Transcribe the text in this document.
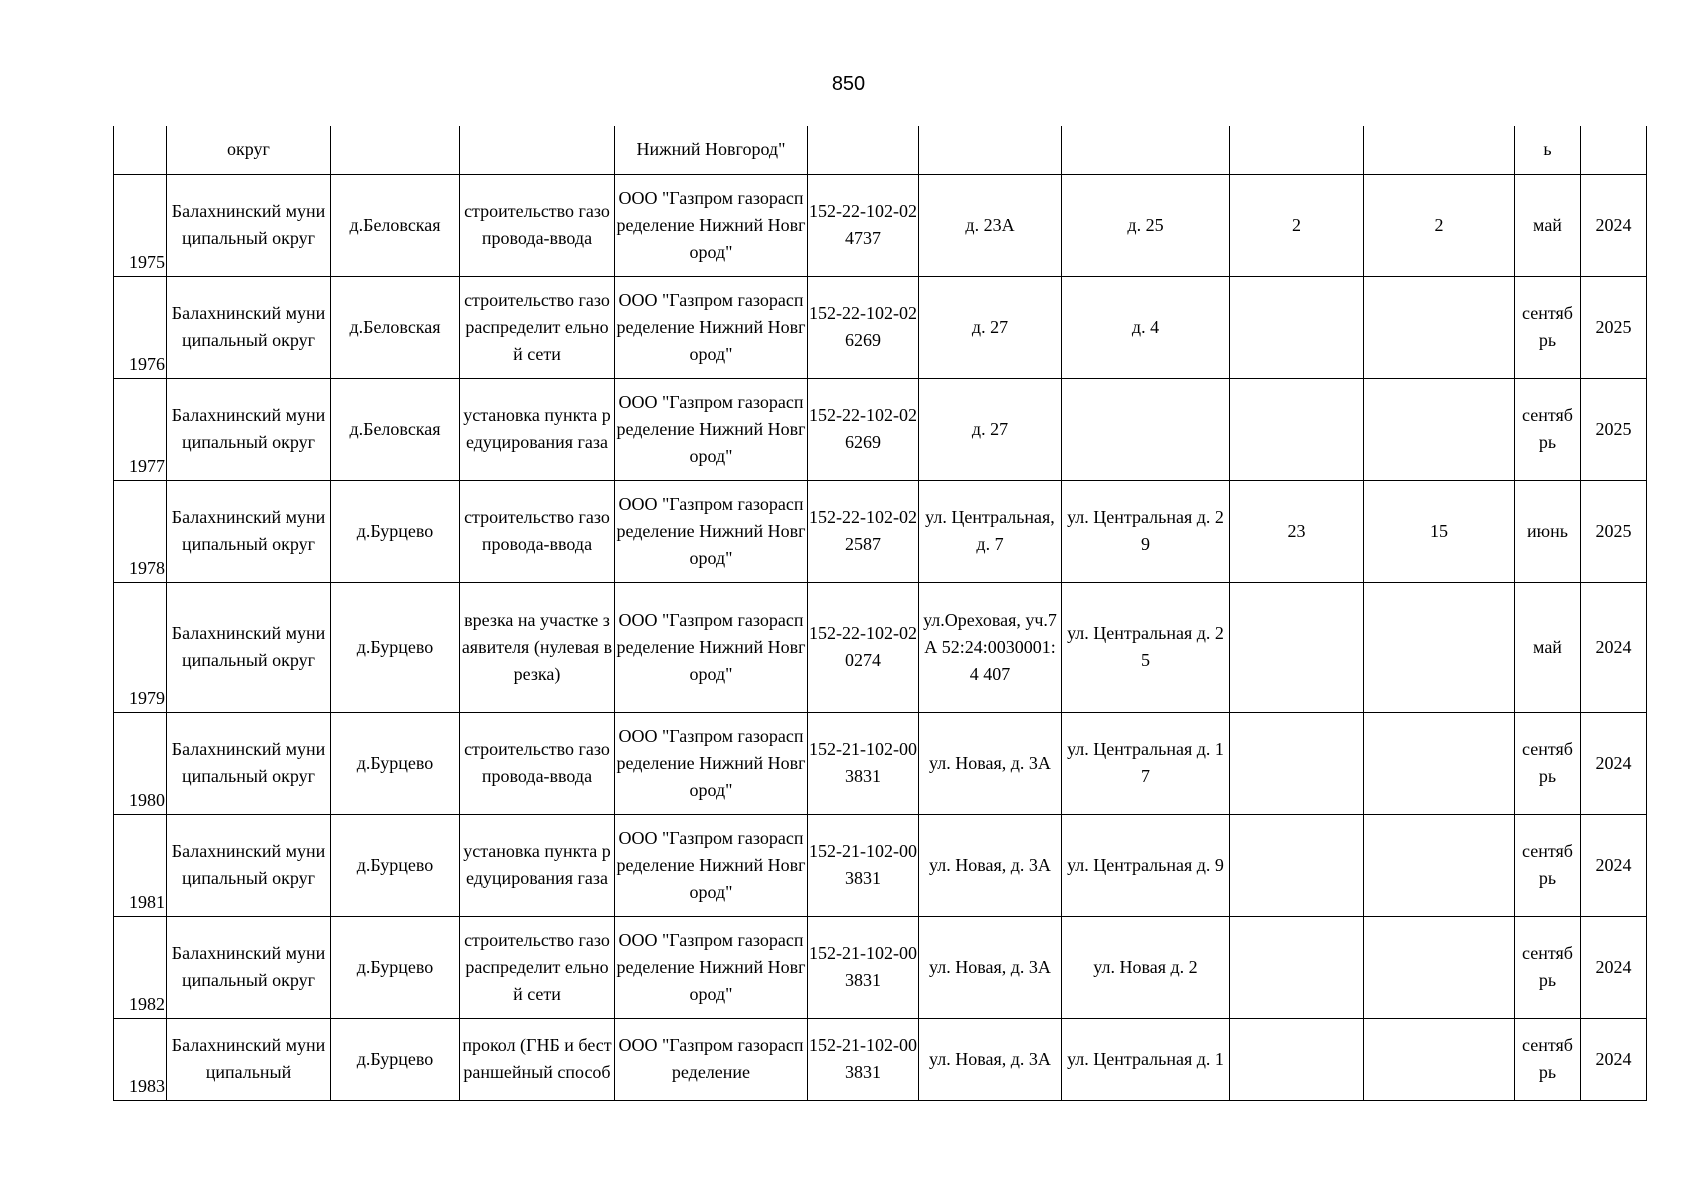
850
	округ			Нижний Новгород"						ь	
1975	Балахнинский муниципальный округ	д.Беловская	строительство газопровода-ввода	ООО "Газпром газораспределение Нижний Новгород"	152-22-102-024737	д. 23А	д. 25	2	2	май	2024
1976	Балахнинский муниципальный округ	д.Беловская	строительство газораспределит ельной сети	ООО "Газпром газораспределение Нижний Новгород"	152-22-102-026269	д. 27	д. 4			сентяб рь	2025
1977	Балахнинский муниципальный округ	д.Беловская	установка пункта редуцирования газа	ООО "Газпром газораспределение Нижний Новгород"	152-22-102-026269	д. 27				сентяб рь	2025
1978	Балахнинский муниципальный округ	д.Бурцево	строительство газопровода-ввода	ООО "Газпром газораспределение Нижний Новгород"	152-22-102-022587	ул. Центральная, д. 7	ул. Центральная д. 29	23	15	июнь	2025
1979	Балахнинский муниципальный округ	д.Бурцево	врезка на участке заявителя (нулевая врезка)	ООО "Газпром газораспределение Нижний Новгород"	152-22-102-020274	ул.Ореховая, уч.7 А 52:24:0030001:4 407	ул. Центральная д. 25			май	2024
1980	Балахнинский муниципальный округ	д.Бурцево	строительство газопровода-ввода	ООО "Газпром газораспределение Нижний Новгород"	152-21-102-003831	ул. Новая, д. 3А	ул. Центральная д. 17			сентяб рь	2024
1981	Балахнинский муниципальный округ	д.Бурцево	установка пункта редуцирования газа	ООО "Газпром газораспределение Нижний Новгород"	152-21-102-003831	ул. Новая, д. 3А	ул. Центральная д. 9			сентяб рь	2024
1982	Балахнинский муниципальный округ	д.Бурцево	строительство газораспределит ельной сети	ООО "Газпром газораспределение Нижний Новгород"	152-21-102-003831	ул. Новая, д. 3А	ул. Новая д. 2			сентяб рь	2024
1983	Балахнинский муниципальный	д.Бурцево	прокол (ГНБ и бестраншейный способ	ООО "Газпром газораспределение	152-21-102-003831	ул. Новая, д. 3А	ул. Центральная д. 1			сентяб рь	2024
